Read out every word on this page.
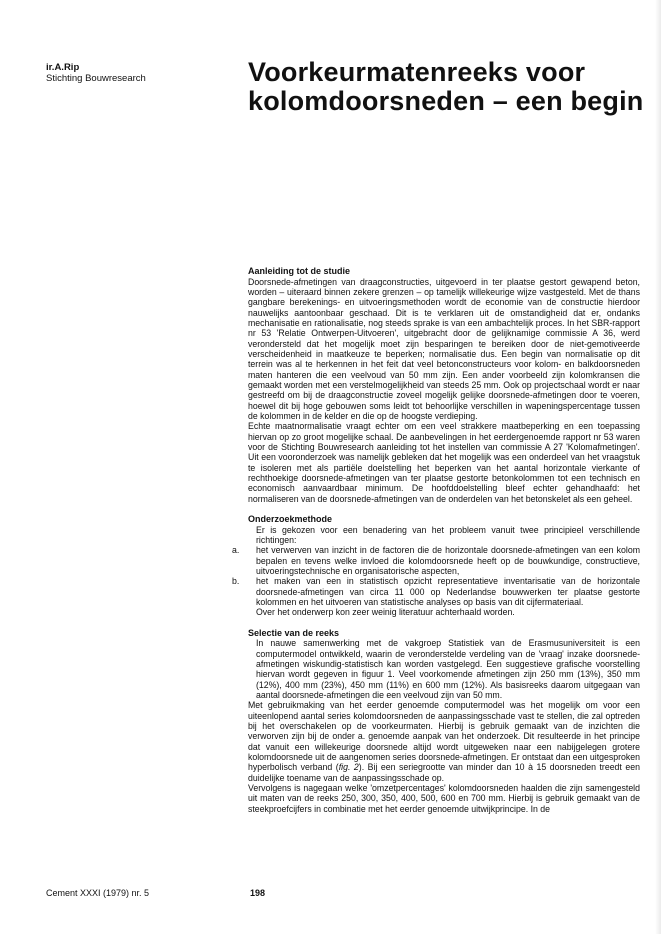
ir.A.Rip
Stichting Bouwresearch	Voorkeurmatenreeks voor
kolomdoorsneden – een begin

Aanleiding tot de studie

Doorsnede-afmetingen van draagconstructies, uitgevoerd in ter plaatse gestort gewapend beton, worden – uiteraard binnen zekere grenzen – op tamelijk willekeurige wijze vastgesteld. Met de thans gangbare berekenings- en uitvoeringsmethoden wordt de economie van de constructie hierdoor nauwelijks aantoonbaar geschaad. Dit is te verklaren uit de omstandigheid dat er, ondanks mechanisatie en rationalisatie, nog steeds sprake is van een ambachtelijk proces. In het SBR-rapport nr 53 'Relatie Ontwerpen-Uitvoeren', uitgebracht door de gelijknamige commissie A 36, werd verondersteld dat het mogelijk moet zijn besparingen te bereiken door de niet-gemotiveerde verscheidenheid in maatkeuze te beperken; normalisatie dus. Een begin van normalisatie op dit terrein was al te herkennen in het feit dat veel betonconstructeurs voor kolom- en balkdoorsneden maten hanteren die een veelvoud van 50 mm zijn. Een ander voorbeeld zijn kolomkransen die gemaakt worden met een verstelmogelijkheid van steeds 25 mm. Ook op projectschaal wordt er naar gestreefd om bij de draagconstructie zoveel mogelijk gelijke doorsnede-afmetingen door te voeren, hoewel dit bij hoge gebouwen soms leidt tot behoorlijke verschillen in wapeningspercentage tussen de kolommen in de kelder en die op de hoogste verdieping.

Echte maatnormalisatie vraagt echter om een veel strakkere maatbeperking en een toepassing hiervan op zo groot mogelijke schaal. De aanbevelingen in het eerdergenoemde rapport nr 53 waren voor de Stichting Bouwresearch aanleiding tot het instellen van commissie A 27 'Kolomafmetingen'. Uit een vooronderzoek was namelijk gebleken dat het mogelijk was een onderdeel van het vraagstuk te isoleren met als partiële doelstelling het beperken van het aantal horizontale vierkante of rechthoekige doorsnede-afmetingen van ter plaatse gestorte betonkolommen tot een technisch en economisch aanvaardbaar minimum. De hoofddoelstelling bleef echter gehandhaafd: het normaliseren van de doorsnede-afmetingen van de onderdelen van het betonskelet als een geheel.

Onderzoekmethode

Er is gekozen voor een benadering van het probleem vanuit twee principieel verschillende richtingen:

a. het verwerven van inzicht in de factoren die de horizontale doorsnede-afmetingen van een kolom bepalen en tevens welke invloed die kolomdoorsnede heeft op de bouwkundige, constructieve, uitvoeringstechnische en organisatorische aspecten,
b. het maken van een in statistisch opzicht representatieve inventarisatie van de horizontale doorsnede-afmetingen van circa 11 000 op Nederlandse bouwwerken ter plaatse gestorte kolommen en het uitvoeren van statistische analyses op basis van dit cijfermateriaal.

Over het onderwerp kon zeer weinig literatuur achterhaald worden.

Selectie van de reeks

In nauwe samenwerking met de vakgroep Statistiek van de Erasmusuniversiteit is een computermodel ontwikkeld, waarin de veronderstelde verdeling van de 'vraag' inzake doorsnede-afmetingen wiskundig-statistisch kan worden vastgelegd. Een suggestieve grafische voorstelling hiervan wordt gegeven in figuur 1. Veel voorkomende afmetingen zijn 250 mm (13%), 350 mm (12%), 400 mm (23%), 450 mm (11%) en 600 mm (12%). Als basisreeks daarom uitgegaan van aantal doorsnede-afmetingen die een veelvoud zijn van 50 mm.

Met gebruikmaking van het eerder genoemde computermodel was het mogelijk om voor een uiteenlopend aantal series kolomdoorsneden de aanpassingsschade vast te stellen, die zal optreden bij het overschakelen op de voorkeurmaten. Hierbij is gebruik gemaakt van de inzichten die verworven zijn bij de onder a. genoemde aanpak van het onderzoek. Dit resulteerde in het principe dat vanuit een willekeurige doorsnede altijd wordt uitgeweken naar een nabijgelegen grotere kolomdoorsnede uit de aangenomen series doorsnede-afmetingen. Er ontstaat dan een uitgesproken hyperbolisch verband (fig. 2). Bij een seriegrootte van minder dan 10 à 15 doorsneden treedt een duidelijke toename van de aanpassingsschade op.

Vervolgens is nagegaan welke 'omzetpercentages' kolomdoorsneden haalden die zijn samengesteld uit maten van de reeks 250, 300, 350, 400, 500, 600 en 700 mm. Hierbij is gebruik gemaakt van de steekproefcijfers in combinatie met het eerder genoemde uitwijkprincipe. In de

Cement XXXI (1979) nr. 5	198
